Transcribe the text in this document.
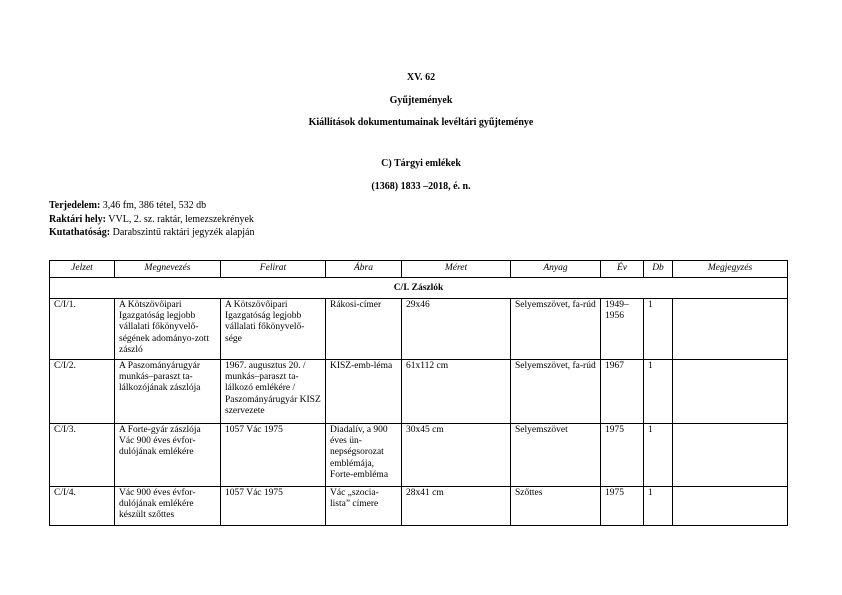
XV. 62
Gyűjtemények
Kiállítások dokumentumainak levéltári gyűjteménye
C) Tárgyi emlékek
(1368) 1833 –2018, é. n.
Terjedelem: 3,46 fm, 386 tétel, 532 db
Raktári hely: VVL, 2. sz. raktár, lemezszekrények
Kutathatóság: Darabszintű raktári jegyzék alapján
Jelzet	Megnevezés	Felirat	Ábra	Méret	Anyag	Év	Db	Megjegyzés
C/I. Zászlók								
C/I/1.	A Kötszövőipari Igazgatóság legjobb vállalati főkönyvelő-ségének adományo-zott zászló	A Kötszövőipari Igazgatóság legjobb vállalati főkönyvelő-sége	Rákosi-címer	29x46	Selyemszövet, fa-rúd	1949–1956	1	
C/I/2.	A Paszományárugyár munkás–paraszt ta-lálkozójának zászlója	1967. augusztus 20. / munkás–paraszt ta-lálkozó emlékére / Paszományárugyár KISZ szervezete	KISZ-emb-léma	61x112 cm	Selyemszövet, fa-rúd	1967	1	
C/I/3.	A Forte-gyár zászlója Vác 900 éves évfor-dulójának emlékére	1057 Vác 1975	Diadalív, a 900 éves ün-nepségsorozat emblémája, Forte-embléma	30x45 cm	Selyemszövet	1975	1	
C/I/4.	Vác 900 éves évfor-dulójának emlékére készült szőttes	1057 Vác 1975	Vác „szocia-lista” címere	28x41 cm	Szőttes	1975	1	
